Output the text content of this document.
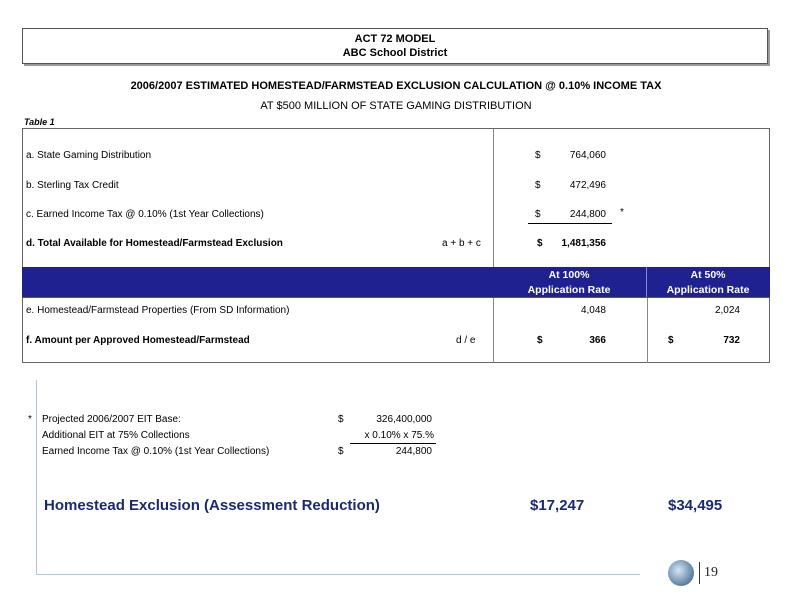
ACT 72 MODEL
ABC School District
2006/2007 ESTIMATED HOMESTEAD/FARMSTEAD EXCLUSION CALCULATION @ 0.10% INCOME TAX
AT $500 MILLION OF STATE GAMING DISTRIBUTION
Table 1
At 100%
Application Rate
At 50%
Application Rate
a. State Gaming Distribution	$	764,060
b. Sterling Tax Credit	$	472,496
c. Earned Income Tax @ 0.10% (1st Year Collections)	$	244,800 *
d. Total Available for Homestead/Farmstead Exclusion	a + b + c	$	1,481,356
e. Homestead/Farmstead Properties (From SD Information)	4,048	2,024
f. Amount per Approved Homestead/Farmstead	d / e	$	366	$	732
* Projected 2006/2007 EIT Base:	$	326,400,000
Additional EIT at 75% Collections	x 0.10% x 75.%
Earned Income Tax @ 0.10% (1st Year Collections)	$	244,800
Homestead Exclusion (Assessment Reduction)	$17,247	$34,495
19
